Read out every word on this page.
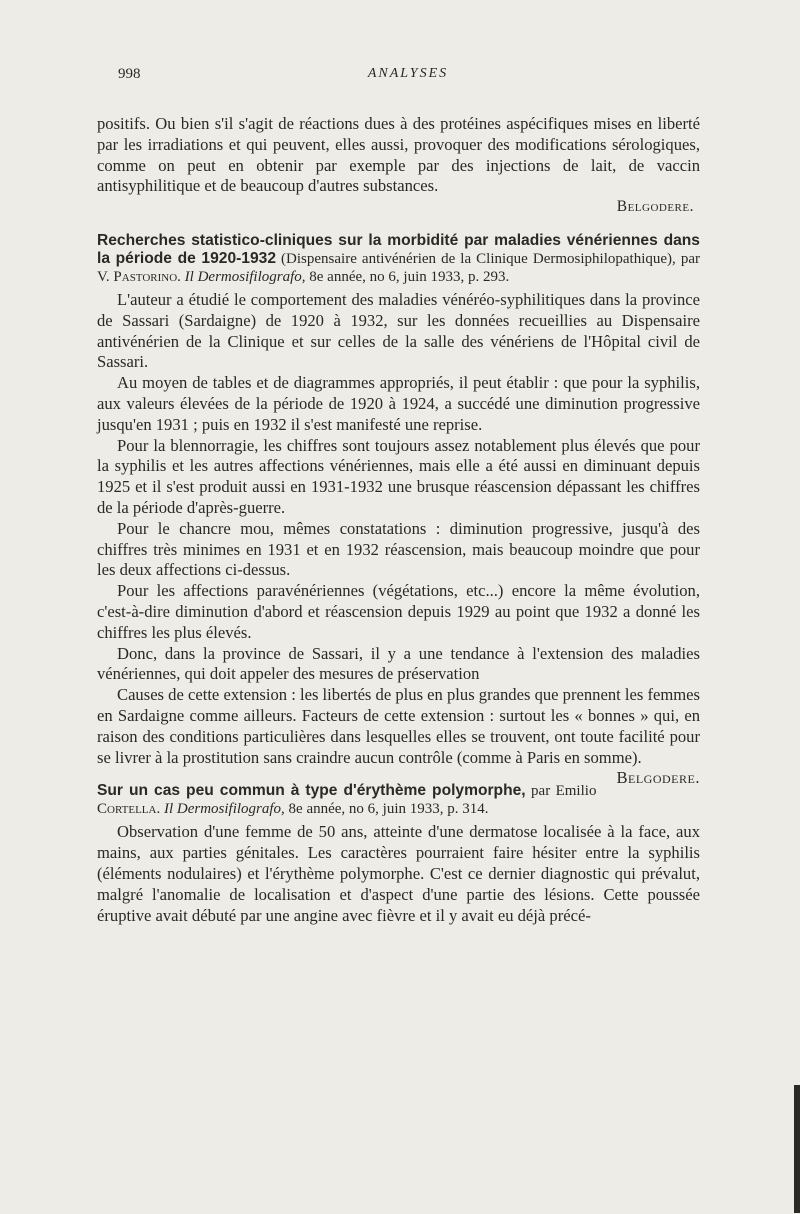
998	ANALYSES

positifs. Ou bien s'il s'agit de réactions dues à des protéines aspécifiques mises en liberté par les irradiations et qui peuvent, elles aussi, provoquer des modifications sérologiques, comme on peut en obtenir par exemple par des injections de lait, de vaccin antisyphilitique et de beaucoup d'autres substances.

Belgodere.

Recherches statistico-cliniques sur la morbidité par maladies vénériennes dans la période de 1920-1932 (Dispensaire antivénérien de la Clinique Dermosiphilopathique), par V. Pastorino. Il Dermosifilografo, 8e année, no 6, juin 1933, p. 293.

L'auteur a étudié le comportement des maladies vénéréo-syphilitiques dans la province de Sassari (Sardaigne) de 1920 à 1932, sur les données recueillies au Dispensaire antivénérien de la Clinique et sur celles de la salle des vénériens de l'Hôpital civil de Sassari.

Au moyen de tables et de diagrammes appropriés, il peut établir : que pour la syphilis, aux valeurs élevées de la période de 1920 à 1924, a succédé une diminution progressive jusqu'en 1931 ; puis en 1932 il s'est manifesté une reprise.

Pour la blennorragie, les chiffres sont toujours assez notablement plus élevés que pour la syphilis et les autres affections vénériennes, mais elle a été aussi en diminuant depuis 1925 et il s'est produit aussi en 1931-1932 une brusque réascension dépassant les chiffres de la période d'après-guerre.

Pour le chancre mou, mêmes constatations : diminution progressive, jusqu'à des chiffres très minimes en 1931 et en 1932 réascension, mais beaucoup moindre que pour les deux affections ci-dessus.

Pour les affections paravénériennes (végétations, etc...) encore la même évolution, c'est-à-dire diminution d'abord et réascension depuis 1929 au point que 1932 a donné les chiffres les plus élevés.

Donc, dans la province de Sassari, il y a une tendance à l'extension des maladies vénériennes, qui doit appeler des mesures de préservation

Causes de cette extension : les libertés de plus en plus grandes que prennent les femmes en Sardaigne comme ailleurs. Facteurs de cette extension : surtout les « bonnes » qui, en raison des conditions particulières dans lesquelles elles se trouvent, ont toute facilité pour se livrer à la prostitution sans craindre aucun contrôle (comme à Paris en somme).
Belgodere.

Sur un cas peu commun à type d'érythème polymorphe, par Emilio Cortella. Il Dermosifilografo, 8e année, no 6, juin 1933, p. 314.

Observation d'une femme de 50 ans, atteinte d'une dermatose localisée à la face, aux mains, aux parties génitales. Les caractères pourraient faire hésiter entre la syphilis (éléments nodulaires) et l'érythème polymorphe. C'est ce dernier diagnostic qui prévalut, malgré l'anomalie de localisation et d'aspect d'une partie des lésions. Cette poussée éruptive avait débuté par une angine avec fièvre et il y avait eu déjà précé-
